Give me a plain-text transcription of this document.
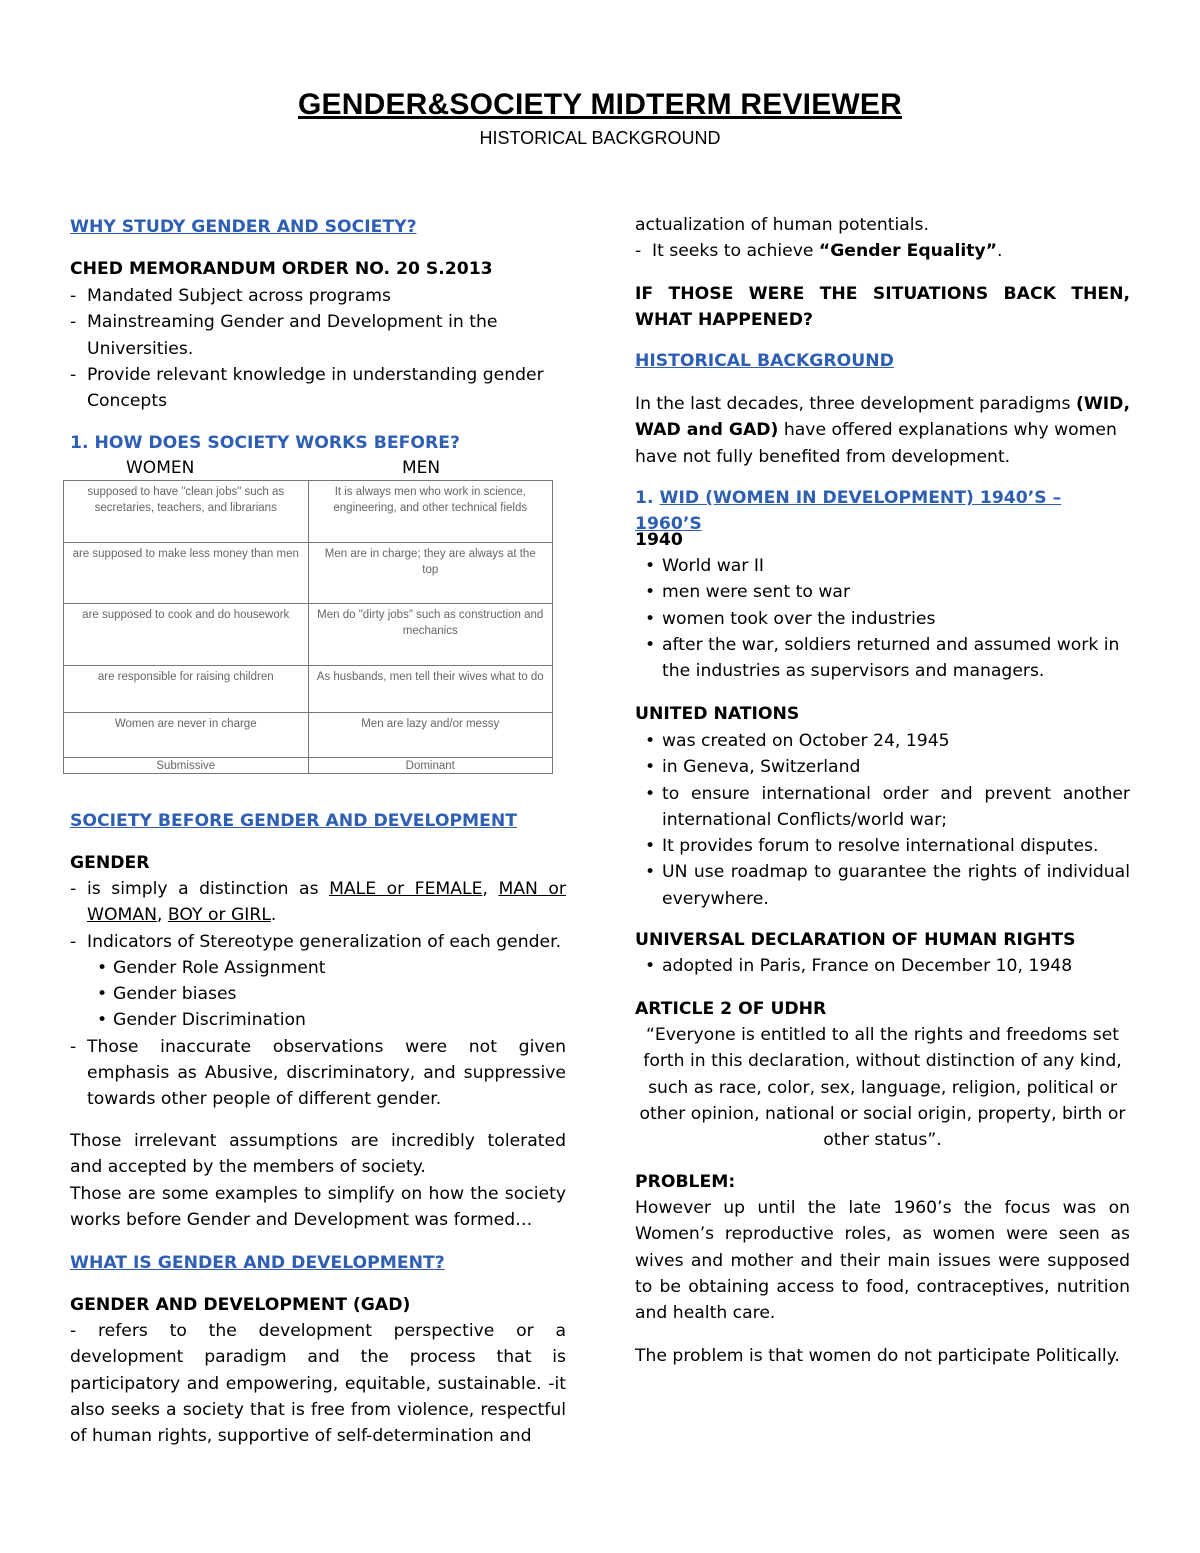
GENDER&SOCIETY MIDTERM REVIEWER
HISTORICAL BACKGROUND
WHY STUDY GENDER AND SOCIETY?
CHED MEMORANDUM ORDER NO. 20 S.2013
- Mandated Subject across programs
- Mainstreaming Gender and Development in the Universities.
- Provide relevant knowledge in understanding gender Concepts
1. HOW DOES SOCIETY WORKS BEFORE?
WOMEN	MEN
supposed to have "clean jobs" such as secretaries, teachers, and librarians	It is always men who work in science, engineering, and other technical fields
are supposed to make less money than men	Men are in charge; they are always at the top
are supposed to cook and do housework	Men do "dirty jobs" such as construction and mechanics
are responsible for raising children	As husbands, men tell their wives what to do
Women are never in charge	Men are lazy and/or messy
Submissive	Dominant
SOCIETY BEFORE GENDER AND DEVELOPMENT
GENDER
- is simply a distinction as MALE or FEMALE, MAN or WOMAN, BOY or GIRL.
- Indicators of Stereotype generalization of each gender.
• Gender Role Assignment
• Gender biases
• Gender Discrimination
- Those inaccurate observations were not given emphasis as Abusive, discriminatory, and suppressive towards other people of different gender.
Those irrelevant assumptions are incredibly tolerated and accepted by the members of society.
Those are some examples to simplify on how the society works before Gender and Development was formed…
WHAT IS GENDER AND DEVELOPMENT?
GENDER AND DEVELOPMENT (GAD)
- refers to the development perspective or a development paradigm and the process that is participatory and empowering, equitable, sustainable. -it also seeks a society that is free from violence, respectful of human rights, supportive of self-determination and
actualization of human potentials.
- It seeks to achieve “Gender Equality”.
IF THOSE WERE THE SITUATIONS BACK THEN, WHAT HAPPENED?
HISTORICAL BACKGROUND
In the last decades, three development paradigms (WID, WAD and GAD) have offered explanations why women have not fully benefited from development.
1. WID (WOMEN IN DEVELOPMENT) 1940’S – 1960’S
1940
• World war II
• men were sent to war
• women took over the industries
• after the war, soldiers returned and assumed work in the industries as supervisors and managers.
UNITED NATIONS
• was created on October 24, 1945
• in Geneva, Switzerland
• to ensure international order and prevent another international Conflicts/world war;
• It provides forum to resolve international disputes.
• UN use roadmap to guarantee the rights of individual everywhere.
UNIVERSAL DECLARATION OF HUMAN RIGHTS
• adopted in Paris, France on December 10, 1948
ARTICLE 2 OF UDHR
“Everyone is entitled to all the rights and freedoms set forth in this declaration, without distinction of any kind, such as race, color, sex, language, religion, political or other opinion, national or social origin, property, birth or other status”.
PROBLEM:
However up until the late 1960’s the focus was on Women’s reproductive roles, as women were seen as wives and mother and their main issues were supposed to be obtaining access to food, contraceptives, nutrition and health care.
The problem is that women do not participate Politically.
